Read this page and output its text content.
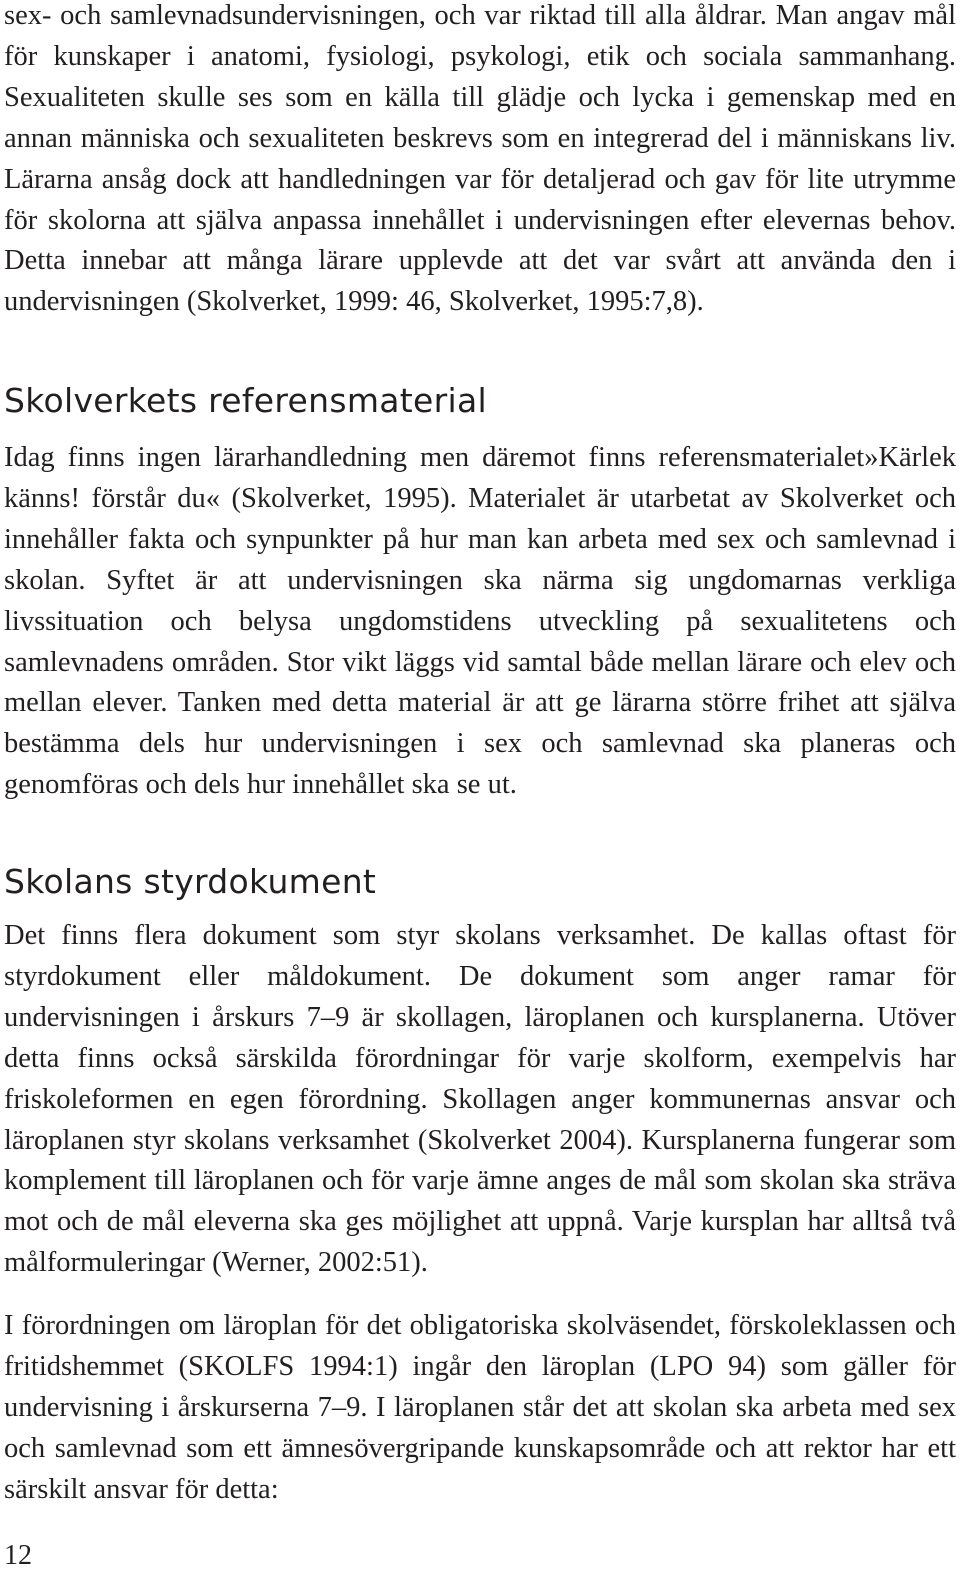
sex- och samlevnadsundervisningen, och var riktad till alla åldrar. Man angav mål för kunskaper i anatomi, fysiologi, psykologi, etik och sociala sammanhang. Sexualiteten skulle ses som en källa till glädje och lycka i gemenskap med en annan människa och sexualiteten beskrevs som en integrerad del i människans liv. Lärarna ansåg dock att handledningen var för detaljerad och gav för lite utrymme för skolorna att själva anpassa innehållet i undervisningen efter elevernas behov. Detta innebar att många lärare upplevde att det var svårt att använda den i undervisningen (Skolverket, 1999: 46, Skolverket, 1995:7,8).

Skolverkets referensmaterial

Idag finns ingen lärarhandledning men däremot finns referensmaterialet»Kärlek känns! förstår du« (Skolverket, 1995). Materialet är utarbetat av Skolverket och innehåller fakta och synpunkter på hur man kan arbeta med sex och samlevnad i skolan. Syftet är att undervisningen ska närma sig ungdomarnas verkliga livssituation och belysa ungdomstidens utveckling på sexualitetens och samlevnadens områden. Stor vikt läggs vid samtal både mellan lärare och elev och mellan elever. Tanken med detta material är att ge lärarna större frihet att själva bestämma dels hur undervisningen i sex och samlevnad ska planeras och genomföras och dels hur innehållet ska se ut.

Skolans styrdokument

Det finns flera dokument som styr skolans verksamhet. De kallas oftast för styrdokument eller måldokument. De dokument som anger ramar för undervisningen i årskurs 7–9 är skollagen, läroplanen och kursplanerna. Utöver detta finns också särskilda förordningar för varje skolform, exempelvis har friskoleformen en egen förordning. Skollagen anger kommunernas ansvar och läroplanen styr skolans verksamhet (Skolverket 2004). Kursplanerna fungerar som komplement till läroplanen och för varje ämne anges de mål som skolan ska sträva mot och de mål eleverna ska ges möjlighet att uppnå. Varje kursplan har alltså två målformuleringar (Werner, 2002:51).

I förordningen om läroplan för det obligatoriska skolväsendet, förskoleklassen och fritidshemmet (SKOLFS 1994:1) ingår den läroplan (LPO 94) som gäller för undervisning i årskurserna 7–9. I läroplanen står det att skolan ska arbeta med sex och samlevnad som ett ämnesövergripande kunskapsområde och att rektor har ett särskilt ansvar för detta:

12
